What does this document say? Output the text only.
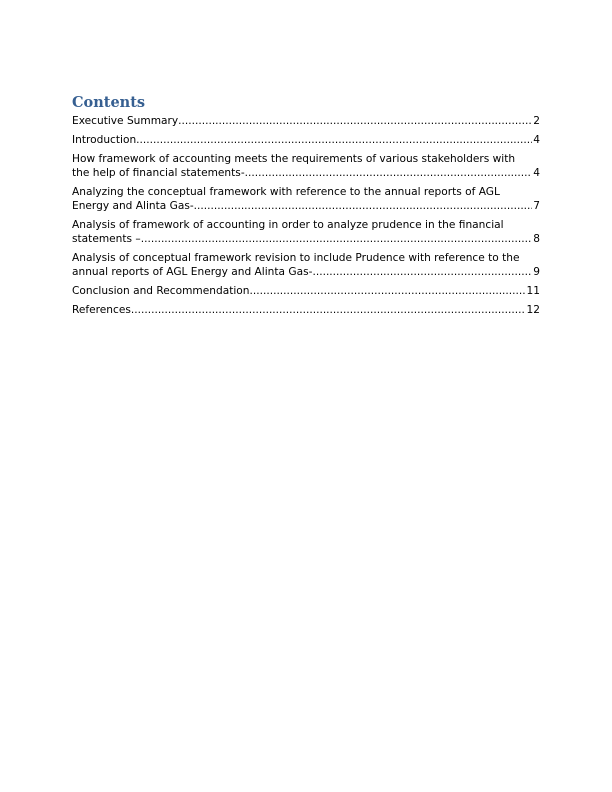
Contents
Executive Summary .....	2
Introduction .....	4
How framework of accounting meets the requirements of various stakeholders with
the help of financial statements- .....	4
Analyzing the conceptual framework with reference to the annual reports of AGL
Energy and Alinta Gas- .....	7
Analysis of framework of accounting in order to analyze prudence in the financial
statements – .....	8
Analysis of conceptual framework revision to include Prudence with reference to the
annual reports of AGL Energy and Alinta Gas- .....	9
Conclusion and Recommendation .....	11
References .....	12
